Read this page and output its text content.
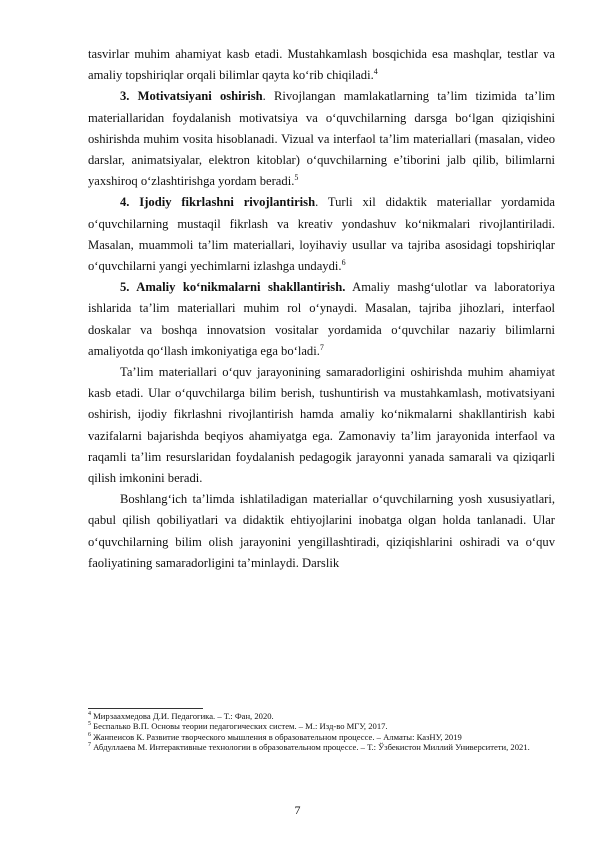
tasvirlar muhim ahamiyat kasb etadi. Mustahkamlash bosqichida esa mashqlar, testlar va amaliy topshiriqlar orqali bilimlar qayta ko‘rib chiqiladi.$^4$

3. Motivatsiyani oshirish. Rivojlangan mamlakatlarning ta’lim tizimida ta’lim materiallaridan foydalanish motivatsiya va o‘quvchilarning darsga bo‘lgan qiziqishini oshirishda muhim vosita hisoblanadi. Vizual va interfaol ta’lim materiallari (masalan, video darslar, animatsiyalar, elektron kitoblar) o‘quvchilarning e’tiborini jalb qilib, bilimlarni yaxshiroq o‘zlashtirishga yordam beradi.$^5$

4. Ijodiy fikrlashni rivojlantirish. Turli xil didaktik materiallar yordamida o‘quvchilarning mustaqil fikrlash va kreativ yondashuv ko‘nikmalari rivojlantiriladi. Masalan, muammoli ta’lim materiallari, loyihaviy usullar va tajriba asosidagi topshiriqlar o‘quvchilarni yangi yechimlarni izlashga undaydi.$^6$

5. Amaliy ko‘nikmalarni shakllantirish. Amaliy mashg‘ulotlar va laboratoriya ishlarida ta’lim materiallari muhim rol o‘ynaydi. Masalan, tajriba jihozlari, interfaol doskalar va boshqa innovatsion vositalar yordamida o‘quvchilar nazariy bilimlarni amaliyotda qo‘llash imkoniyatiga ega bo‘ladi.$^7$

Ta’lim materiallari o‘quv jarayonining samaradorligini oshirishda muhim ahamiyat kasb etadi. Ular o‘quvchilarga bilim berish, tushuntirish va mustahkamlash, motivatsiyani oshirish, ijodiy fikrlashni rivojlantirish hamda amaliy ko‘nikmalarni shakllantirish kabi vazifalarni bajarishda beqiyos ahamiyatga ega. Zamonaviy ta’lim jarayonida interfaol va raqamli ta’lim resurslaridan foydalanish pedagogik jarayonni yanada samarali va qiziqarli qilish imkonini beradi.

Boshlang‘ich ta’limda ishlatiladigan materiallar o‘quvchilarning yosh xususiyatlari, qabul qilish qobiliyatlari va didaktik ehtiyojlarini inobatga olgan holda tanlanadi. Ular o‘quvchilarning bilim olish jarayonini yengillashtiradi, qiziqishlarini oshiradi va o‘quv faoliyatining samaradorligini ta’minlaydi. Darslik

$^4$ Мирзаахмедова Д.И. Педагогика. – Т.: Фан, 2020.

$^5$ Беспалько В.П. Основы теории педагогических систем. – М.: Изд-во МГУ, 2017.

$^6$ Жанпеисов К. Развитие творческого мышления в образовательном процессе. – Алматы: КазНУ, 2019

$^7$ Абдуллаева М. Интерактивные технологии в образовательном процессе. – Т.: Ўзбекистон Миллий Университети, 2021.

7
